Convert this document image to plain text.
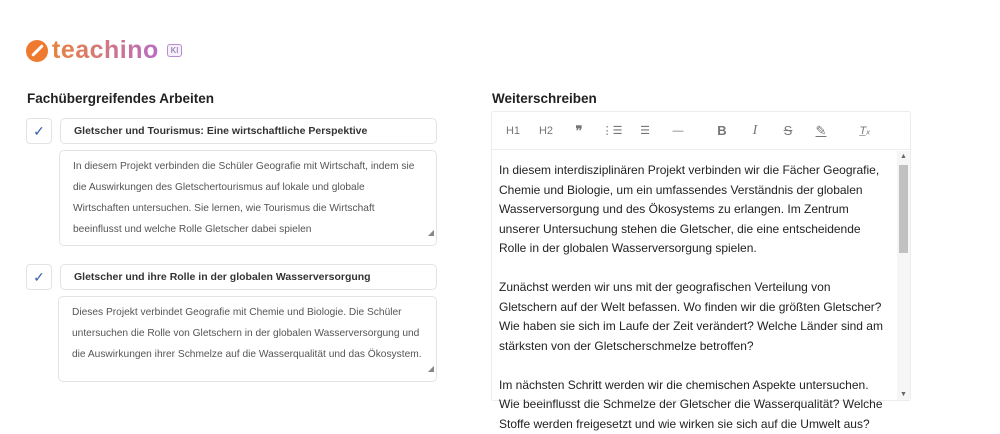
teachino	KI
Fachübergreifendes Arbeiten
✓	Gletscher und Tourismus: Eine wirtschaftliche Perspektive
In diesem Projekt verbinden die Schüler Geografie mit Wirtschaft, indem sie die Auswirkungen des Gletschertourismus auf lokale und globale Wirtschaften untersuchen. Sie lernen, wie Tourismus die Wirtschaft beeinflusst und welche Rolle Gletscher dabei spielen	◢
✓	Gletscher und ihre Rolle in der globalen Wasserversorgung
Dieses Projekt verbindet Geografie mit Chemie und Biologie. Die Schüler untersuchen die Rolle von Gletschern in der globalen Wasserversorgung und die Auswirkungen ihrer Schmelze auf die Wasserqualität und das Ökosystem.
◢
Weiterschreiben
H1	H2	❞	⋮☰	☰	—	B	I	S	✎	T̲ₓ

In diesem interdisziplinären Projekt verbinden wir die Fächer Geografie, Chemie und Biologie, um ein umfassendes Verständnis der globalen Wasserversorgung und des Ökosystems zu erlangen. Im Zentrum unserer Untersuchung stehen die Gletscher, die eine entscheidende Rolle in der globalen Wasserversorgung spielen.

Zunächst werden wir uns mit der geografischen Verteilung von Gletschern auf der Welt befassen. Wo finden wir die größten Gletscher? Wie haben sie sich im Laufe der Zeit verändert? Welche Länder sind am stärksten von der Gletscherschmelze betroffen?

Im nächsten Schritt werden wir die chemischen Aspekte untersuchen. Wie beeinflusst die Schmelze der Gletscher die Wasserqualität? Welche Stoffe werden freigesetzt und wie wirken sie sich auf die Umwelt aus?

▲
▼
